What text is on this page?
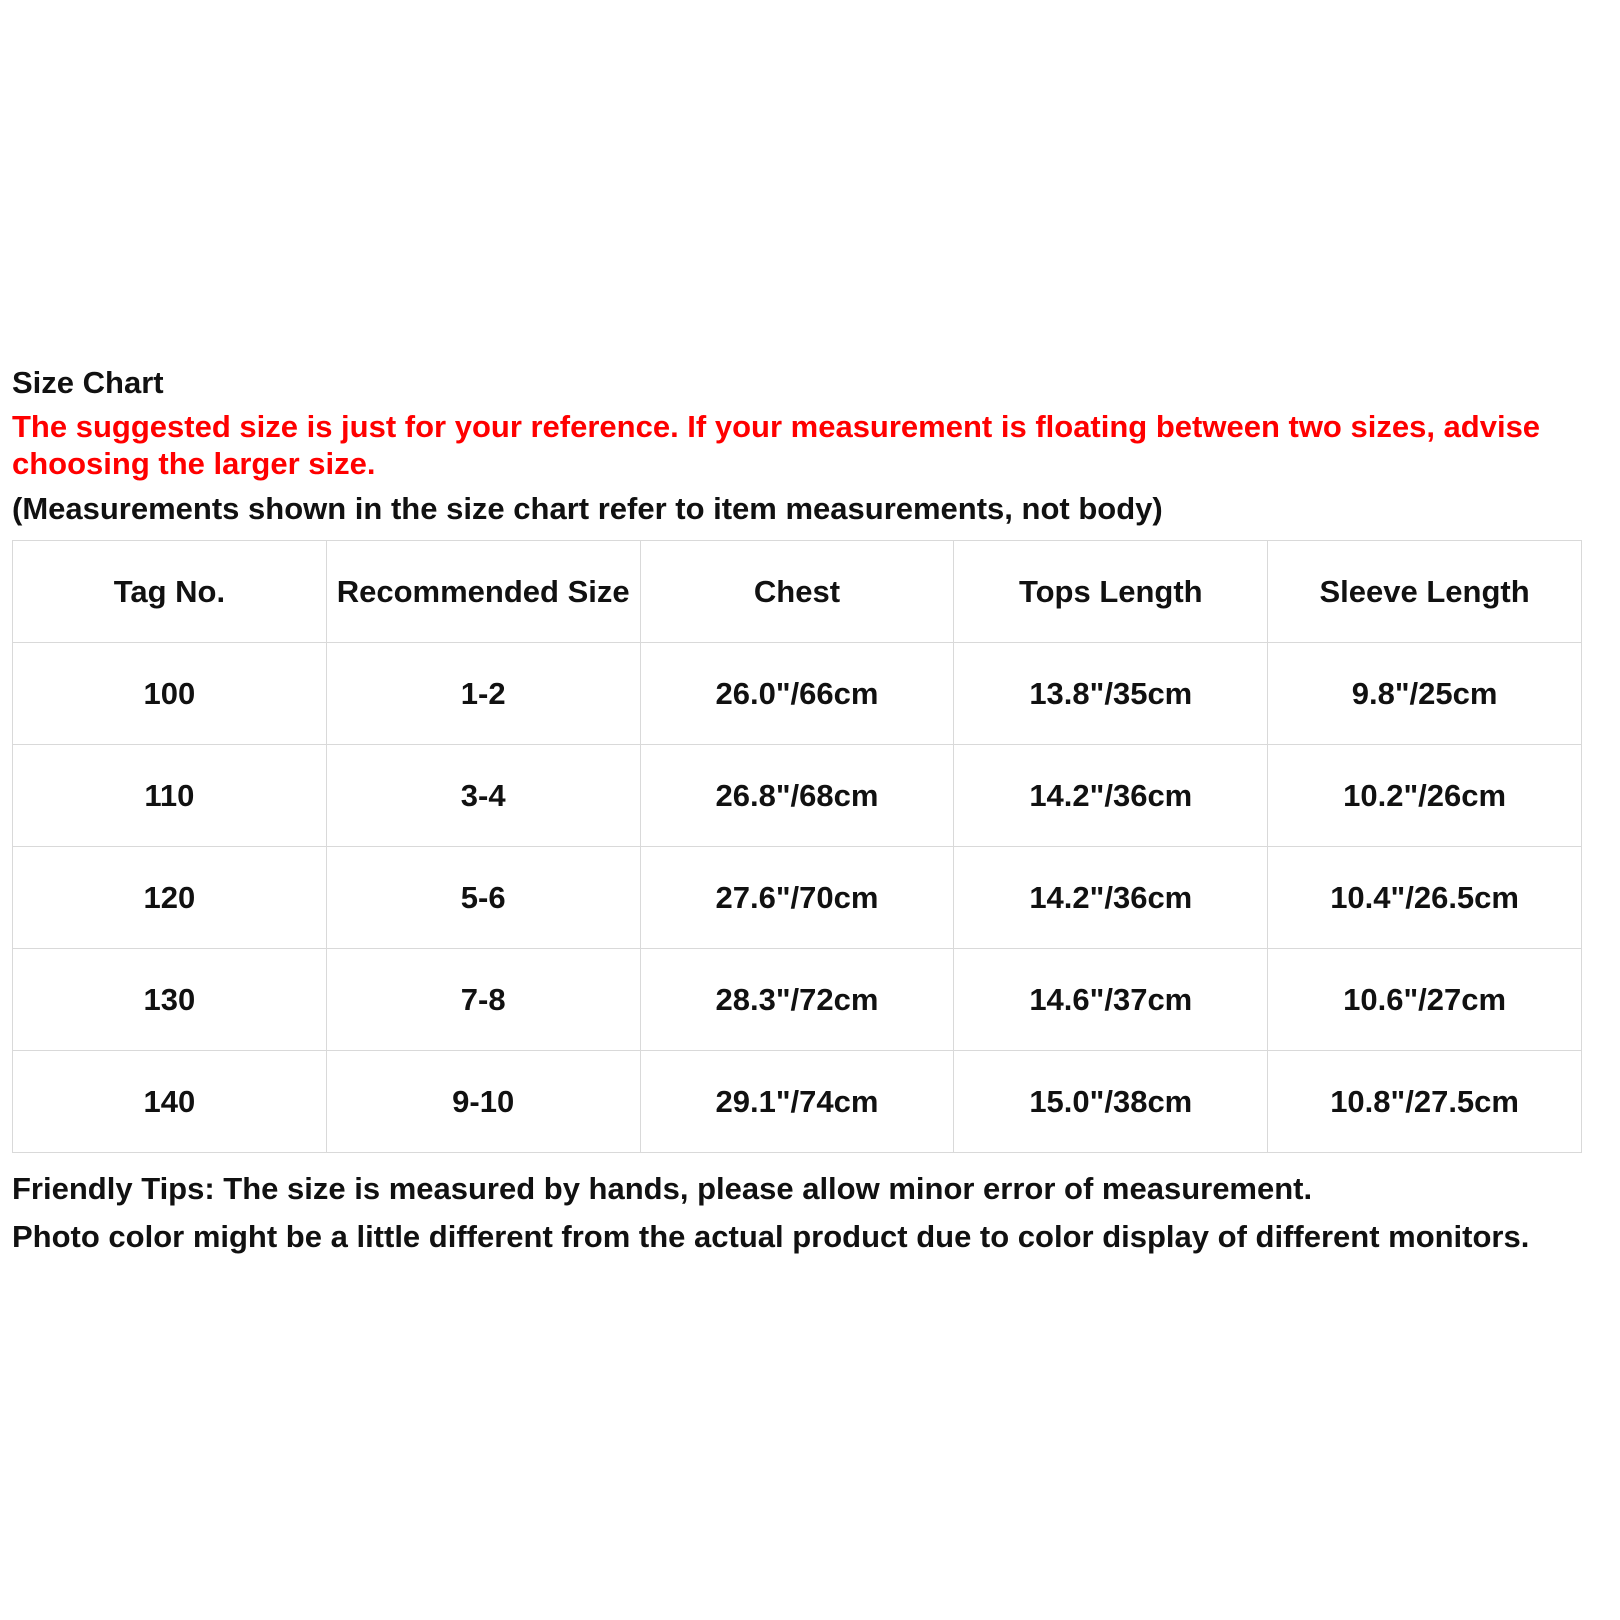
Size Chart

The suggested size is just for your reference. If your measurement is floating between two sizes, advise choosing the larger size.

(Measurements shown in the size chart refer to item measurements, not body)

Tag No.	Recommended Size	Chest	Tops Length	Sleeve Length
100	1-2	26.0"/66cm	13.8"/35cm	9.8"/25cm
110	3-4	26.8"/68cm	14.2"/36cm	10.2"/26cm
120	5-6	27.6"/70cm	14.2"/36cm	10.4"/26.5cm
130	7-8	28.3"/72cm	14.6"/37cm	10.6"/27cm
140	9-10	29.1"/74cm	15.0"/38cm	10.8"/27.5cm

Friendly Tips: The size is measured by hands, please allow minor error of measurement.

Photo color might be a little different from the actual product due to color display of different monitors.
